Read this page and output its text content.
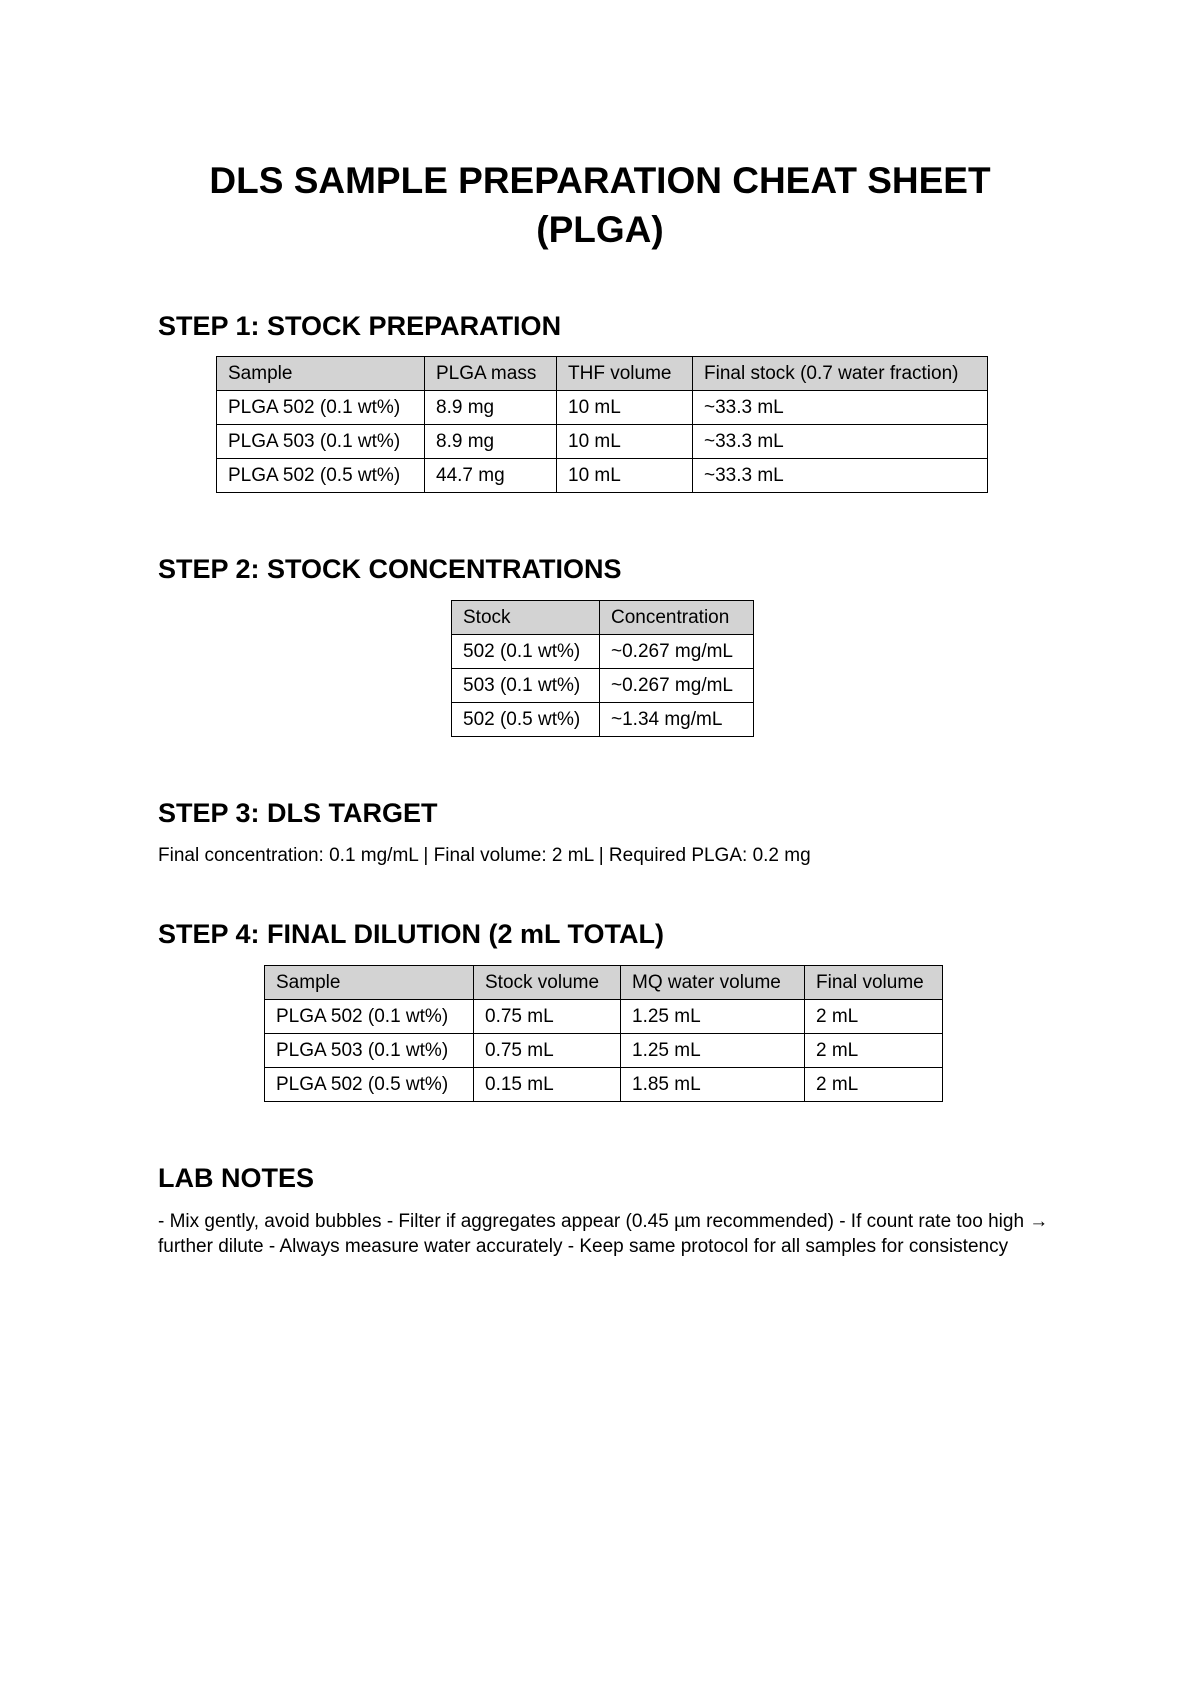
DLS SAMPLE PREPARATION CHEAT SHEET
(PLGA)
STEP 1: STOCK PREPARATION
Sample	PLGA mass	THF volume	Final stock (0.7 water fraction)
PLGA 502 (0.1 wt%)	8.9 mg	10 mL	~33.3 mL
PLGA 503 (0.1 wt%)	8.9 mg	10 mL	~33.3 mL
PLGA 502 (0.5 wt%)	44.7 mg	10 mL	~33.3 mL
STEP 2: STOCK CONCENTRATIONS
Stock	Concentration
502 (0.1 wt%)	~0.267 mg/mL
503 (0.1 wt%)	~0.267 mg/mL
502 (0.5 wt%)	~1.34 mg/mL
STEP 3: DLS TARGET

Final concentration: 0.1 mg/mL | Final volume: 2 mL | Required PLGA: 0.2 mg

STEP 4: FINAL DILUTION (2 mL TOTAL)
Sample	Stock volume	MQ water volume	Final volume
PLGA 502 (0.1 wt%)	0.75 mL	1.25 mL	2 mL
PLGA 503 (0.1 wt%)	0.75 mL	1.25 mL	2 mL
PLGA 502 (0.5 wt%)	0.15 mL	1.85 mL	2 mL
LAB NOTES

- Mix gently, avoid bubbles - Filter if aggregates appear (0.45 µm recommended) - If count rate too high → further dilute - Always measure water accurately - Keep same protocol for all samples for consistency
